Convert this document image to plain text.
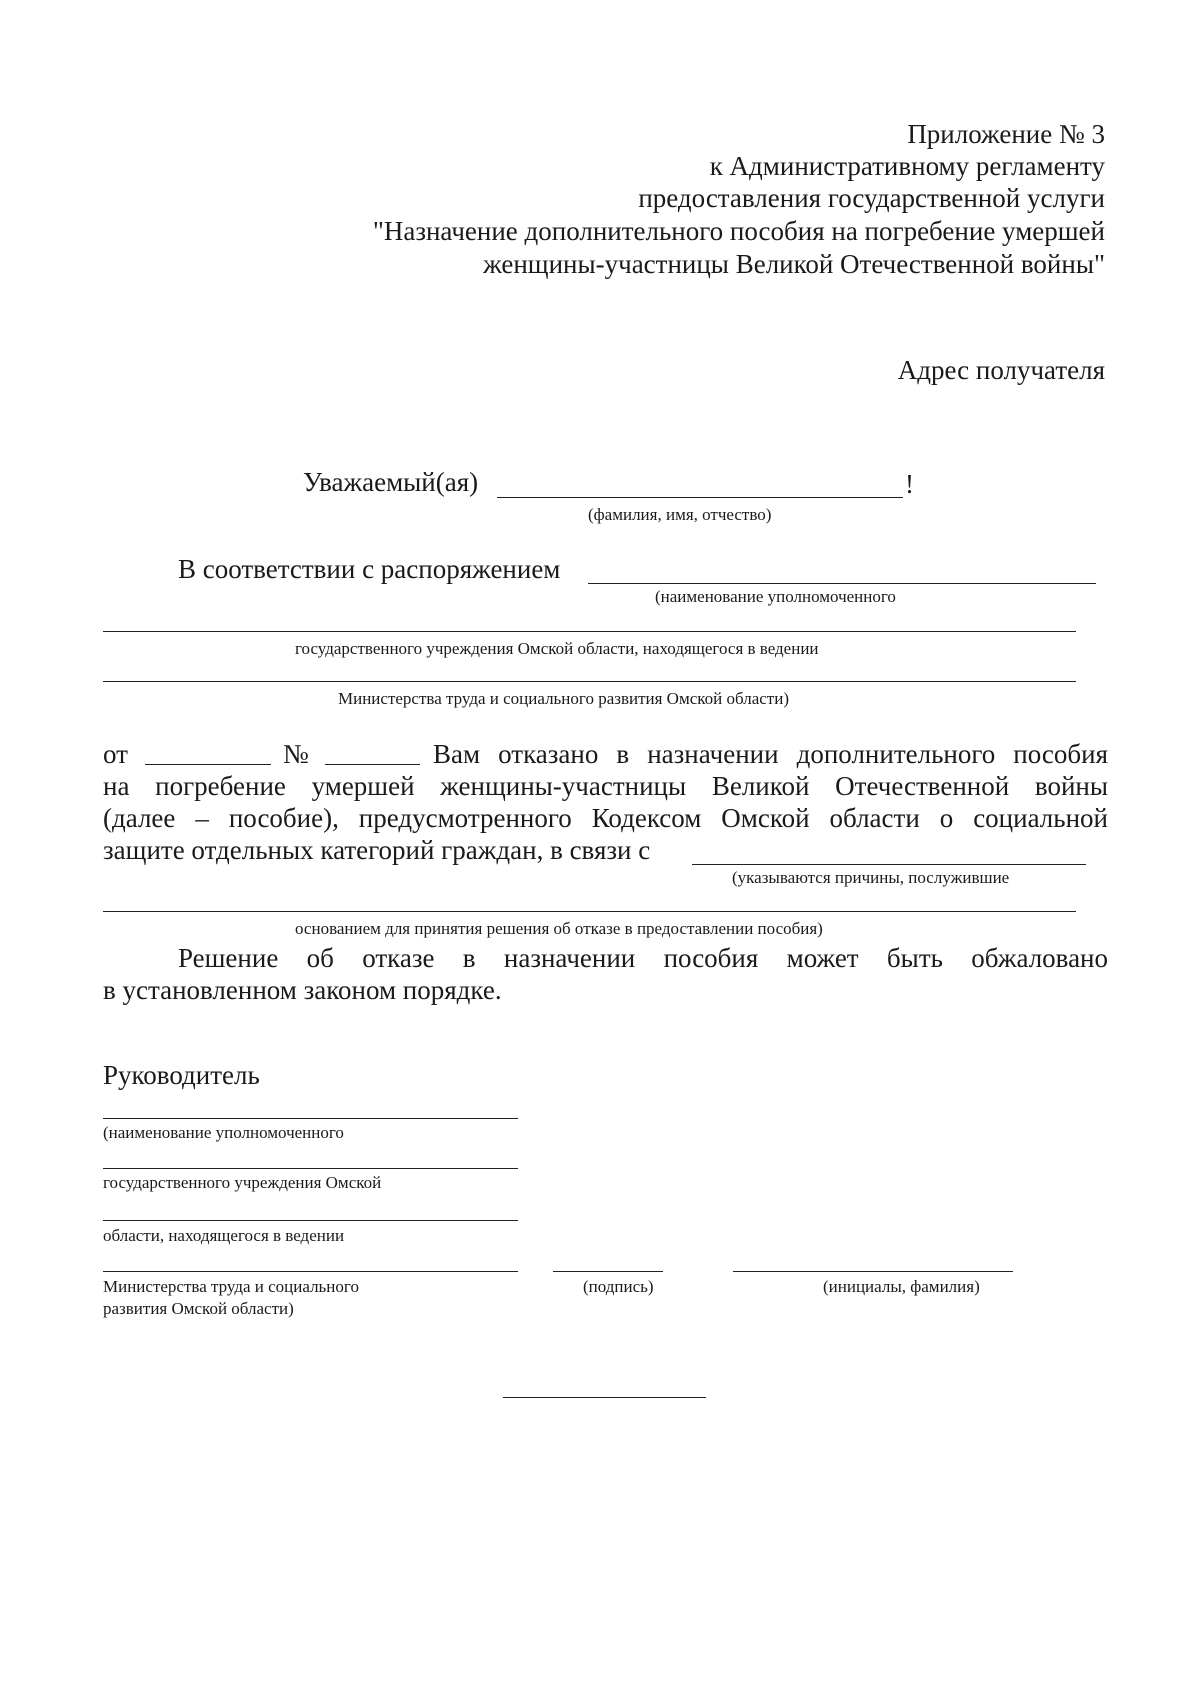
Приложение № 3
к Административному регламенту
предоставления государственной услуги
"Назначение дополнительного пособия на погребение умершей
женщины-участницы Великой Отечественной войны"
Адрес получателя
Уважаемый(ая)	!
(фамилия, имя, отчество)
В соответствии с распоряжением
(наименование уполномоченного
государственного учреждения Омской области, находящегося в ведении
Министерства труда и социального развития Омской области)
от	№	Вам отказано в назначении дополнительного пособия
на погребение умершей женщины-участницы Великой Отечественной войны
(далее – пособие), предусмотренного Кодексом Омской области о социальной
защите отдельных категорий граждан, в связи с
(указываются причины, послужившие
основанием для принятия решения об отказе в предоставлении пособия)
Решение об отказе в назначении пособия может быть обжаловано
в установленном законом порядке.
Руководитель
(наименование уполномоченного
государственного учреждения Омской
области, находящегося в ведении
Министерства труда и социального
развития Омской области)
(подпись)	(инициалы, фамилия)
